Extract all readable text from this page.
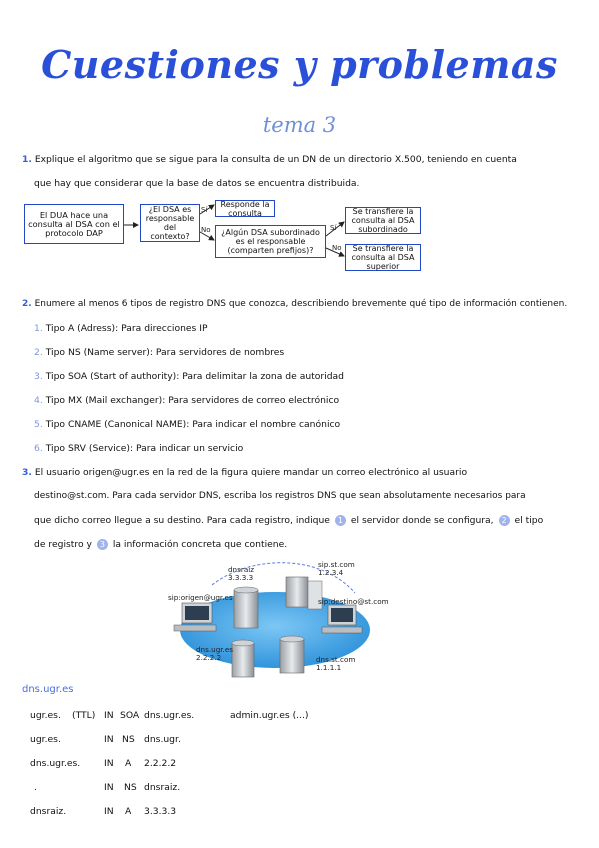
Cuestiones y problemas
tema 3
1. Explique el algoritmo que se sigue para la consulta de un DN de un directorio X.500, teniendo en cuenta
que hay que considerar que la base de datos se encuentra distribuida.
El DUA hace una consulta al DSA con el protocolo DAP
¿El DSA es responsable del contexto?
Sí
No
Responde la consulta
¿Algún DSA subordinado es el responsable (comparten prefijos)?
Sí
No
Se transfiere la consulta al DSA subordinado
Se transfiere la consulta al DSA superior
2. Enumere al menos 6 tipos de registro DNS que conozca, describiendo brevemente qué tipo de información contienen.
1. Tipo A (Adress): Para direcciones IP
2. Tipo NS (Name server): Para servidores de nombres
3. Tipo SOA (Start of authority): Para delimitar la zona de autoridad
4. Tipo MX (Mail exchanger): Para servidores de correo electrónico
5. Tipo CNAME (Canonical NAME): Para indicar el nombre canónico
6. Tipo SRV (Service): Para indicar un servicio
3. El usuario origen@ugr.es en la red de la figura quiere mandar un correo electrónico al usuario
destino@st.com. Para cada servidor DNS, escriba los registros DNS que sean absolutamente necesarios para
que dicho correo llegue a su destino. Para cada registro, indique 1 el servidor donde se configura, 2 el tipo
de registro y 3 la información concreta que contiene.
dnsraiz
3.3.3.3
sip.st.com
1.2.3.4
sip:origen@ugr.es	sip:destino@st.com
dns.ugr.es
2.2.2.2	dns.st.com
1.1.1.1
dns.ugr.es
ugr.es. (TTL) IN SOA dns.ugr.es.	admin.ugr.es (...)
ugr.es.	IN NS dns.ugr.
dns.ugr.es.	IN A 2.2.2.2
.	IN NS dnsraiz.
dnsraiz.	IN A 3.3.3.3
